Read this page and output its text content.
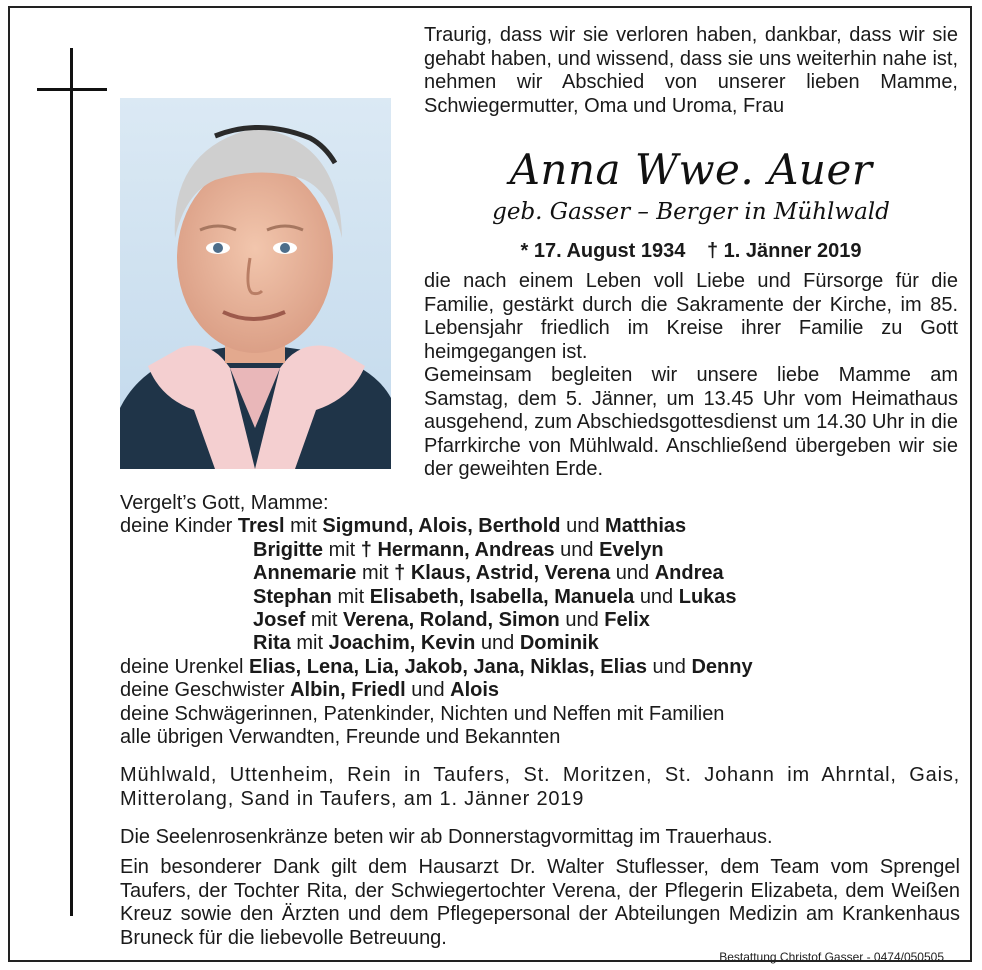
Traurig, dass wir sie verloren haben, dankbar, dass wir sie gehabt haben, und wissend, dass sie uns weiterhin nahe ist, nehmen wir Abschied von unserer lieben Mamme, Schwiegermutter, Oma und Uroma, Frau

Anna Wwe. Auer
geb. Gasser – Berger in Mühlwald
* 17. August 1934 † 1. Jänner 2019

die nach einem Leben voll Liebe und Fürsorge für die Familie, gestärkt durch die Sakramente der Kirche, im 85. Lebensjahr friedlich im Kreise ihrer Familie zu Gott heimgegangen ist.

Gemeinsam begleiten wir unsere liebe Mamme am Samstag, dem 5. Jänner, um 13.45 Uhr vom Heimathaus ausgehend, zum Abschiedsgottesdienst um 14.30 Uhr in die Pfarrkirche von Mühlwald. Anschließend übergeben wir sie der geweihten Erde.

Vergelt’s Gott, Mamme:
deine Kinder Tresl mit Sigmund, Alois, Berthold und Matthias
Brigitte mit † Hermann, Andreas und Evelyn
Annemarie mit † Klaus, Astrid, Verena und Andrea
Stephan mit Elisabeth, Isabella, Manuela und Lukas
Josef mit Verena, Roland, Simon und Felix
Rita mit Joachim, Kevin und Dominik
deine Urenkel Elias, Lena, Lia, Jakob, Jana, Niklas, Elias und Denny
deine Geschwister Albin, Friedl und Alois
deine Schwägerinnen, Patenkinder, Nichten und Neffen mit Familien
alle übrigen Verwandten, Freunde und Bekannten
Mühlwald, Uttenheim, Rein in Taufers, St. Moritzen, St. Johann im Ahrntal, Gais, Mitterolang, Sand in Taufers, am 1. Jänner 2019
Die Seelenrosenkränze beten wir ab Donnerstagvormittag im Trauerhaus.
Ein besonderer Dank gilt dem Hausarzt Dr. Walter Stuflesser, dem Team vom Sprengel Taufers, der Tochter Rita, der Schwiegertochter Verena, der Pflegerin Elizabeta, dem Weißen Kreuz sowie den Ärzten und dem Pflegepersonal der Abteilungen Medizin am Krankenhaus Bruneck für die liebevolle Betreuung.
Bestattung Christof Gasser - 0474/050505
